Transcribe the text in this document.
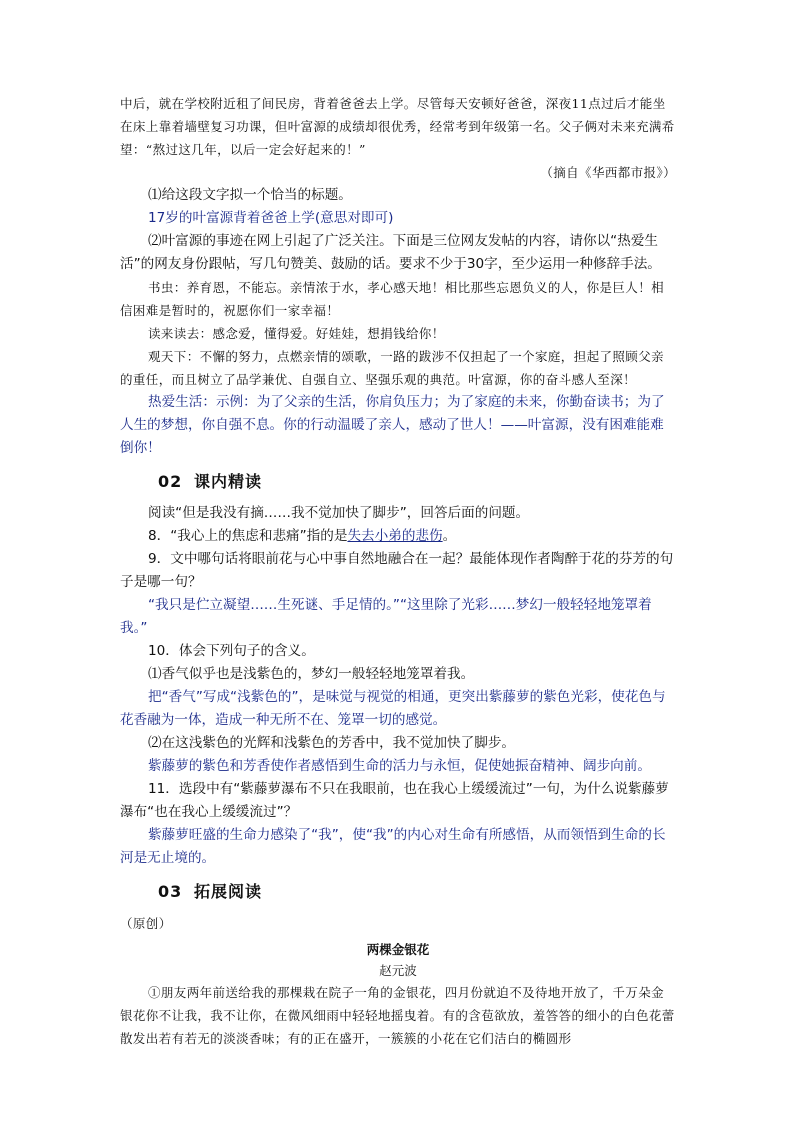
中后，就在学校附近租了间民房，背着爸爸去上学。尽管每天安顿好爸爸，深夜11点过后才能坐在床上靠着墙壁复习功课，但叶富源的成绩却很优秀，经常考到年级第一名。父子俩对未来充满希望：“熬过这几年，以后一定会好起来的！”

（摘自《华西都市报》）

⑴给这段文字拟一个恰当的标题。

17岁的叶富源背着爸爸上学(意思对即可)

⑵叶富源的事迹在网上引起了广泛关注。下面是三位网友发帖的内容，请你以“热爱生活”的网友身份跟帖，写几句赞美、鼓励的话。要求不少于30字，至少运用一种修辞手法。

书虫：养育恩，不能忘。亲情浓于水，孝心感天地！相比那些忘恩负义的人，你是巨人！相信困难是暂时的，祝愿你们一家幸福！

读来读去：感念爱，懂得爱。好娃娃，想捐钱给你！

观天下：不懈的努力，点燃亲情的颂歌，一路的跋涉不仅担起了一个家庭，担起了照顾父亲的重任，而且树立了品学兼优、自强自立、坚强乐观的典范。叶富源，你的奋斗感人至深！

热爱生活：示例：为了父亲的生活，你肩负压力；为了家庭的未来，你勤奋读书；为了人生的梦想，你自强不息。你的行动温暖了亲人，感动了世人！——叶富源，没有困难能难倒你！

02 课内精读

阅读“但是我没有摘……我不觉加快了脚步”，回答后面的问题。

8．“我心上的焦虑和悲痛”指的是失去小弟的悲伤。

9．文中哪句话将眼前花与心中事自然地融合在一起？最能体现作者陶醉于花的芬芳的句子是哪一句？

“我只是伫立凝望……生死谜、手足情的。”“这里除了光彩……梦幻一般轻轻地笼罩着我。”

10．体会下列句子的含义。

⑴香气似乎也是浅紫色的，梦幻一般轻轻地笼罩着我。

把“香气”写成“浅紫色的”，是味觉与视觉的相通，更突出紫藤萝的紫色光彩，使花色与花香融为一体，造成一种无所不在、笼罩一切的感觉。

⑵在这浅紫色的光辉和浅紫色的芳香中，我不觉加快了脚步。

紫藤萝的紫色和芳香使作者感悟到生命的活力与永恒，促使她振奋精神、阔步向前。

11．选段中有“紫藤萝瀑布不只在我眼前，也在我心上缓缓流过”一句，为什么说紫藤萝瀑布“也在我心上缓缓流过”？

紫藤萝旺盛的生命力感染了“我”，使“我”的内心对生命有所感悟，从而领悟到生命的长河是无止境的。

03 拓展阅读

（原创）

两棵金银花

赵元波

①朋友两年前送给我的那棵栽在院子一角的金银花，四月份就迫不及待地开放了，千万朵金银花你不让我，我不让你，在微风细雨中轻轻地摇曳着。有的含苞欲放，羞答答的细小的白色花蕾散发出若有若无的淡淡香味；有的正在盛开，一簇簇的小花在它们洁白的椭圆形
